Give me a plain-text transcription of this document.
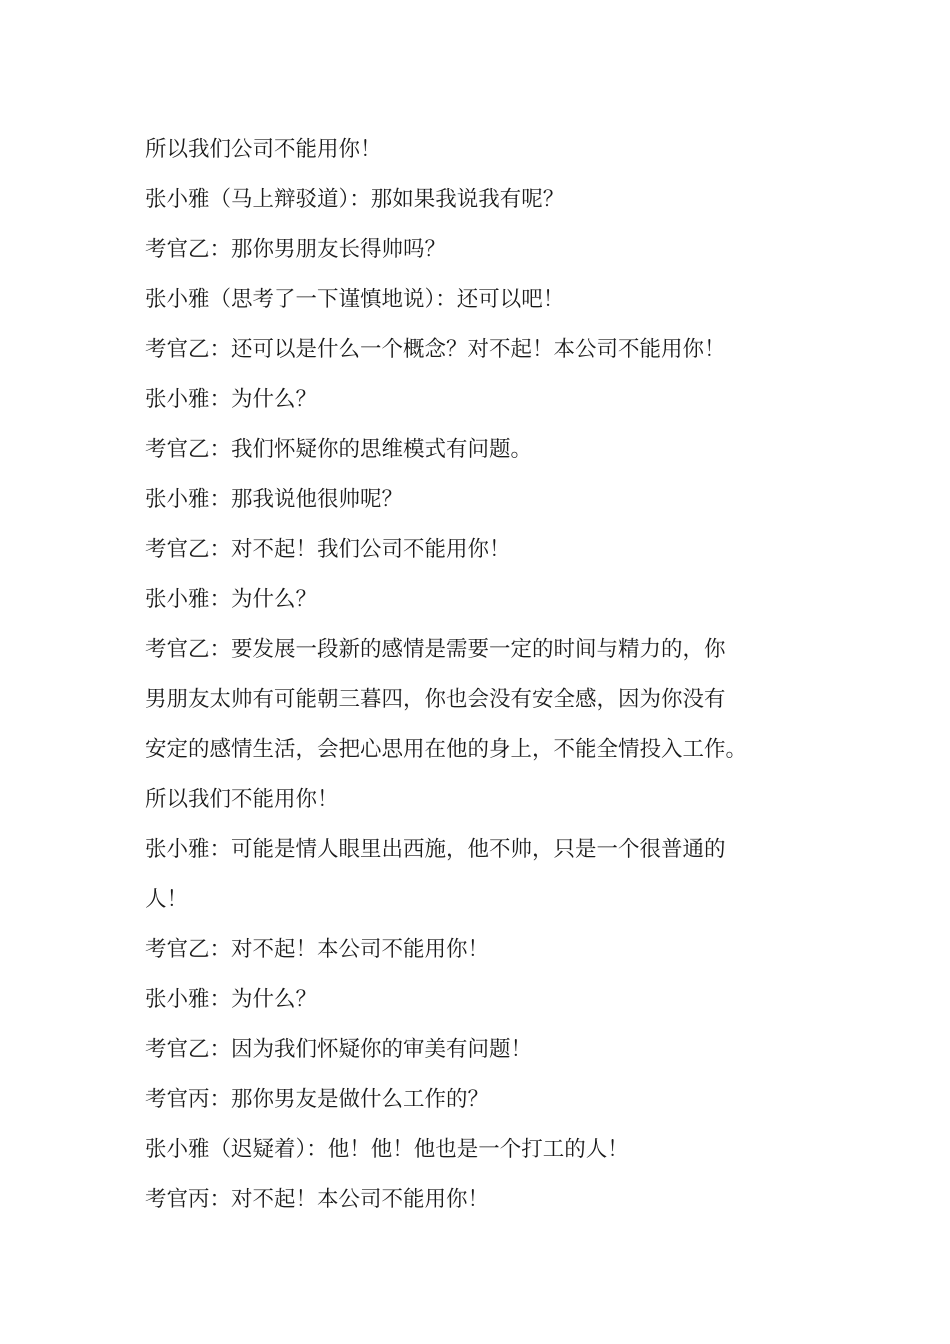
所以我们公司不能用你！

张小雅（马上辩驳道）：那如果我说我有呢？

考官乙：那你男朋友长得帅吗？

张小雅（思考了一下谨慎地说）：还可以吧！

考官乙：还可以是什么一个概念？对不起！本公司不能用你！

张小雅：为什么？

考官乙：我们怀疑你的思维模式有问题。

张小雅：那我说他很帅呢？

考官乙：对不起！我们公司不能用你！

张小雅：为什么？

考官乙：要发展一段新的感情是需要一定的时间与精力的，你

男朋友太帅有可能朝三暮四，你也会没有安全感，因为你没有

安定的感情生活，会把心思用在他的身上，不能全情投入工作。

所以我们不能用你！

张小雅：可能是情人眼里出西施，他不帅，只是一个很普通的

人！

考官乙：对不起！本公司不能用你！

张小雅：为什么？

考官乙：因为我们怀疑你的审美有问题！

考官丙：那你男友是做什么工作的？

张小雅（迟疑着）：他！他！他也是一个打工的人！

考官丙：对不起！本公司不能用你！
